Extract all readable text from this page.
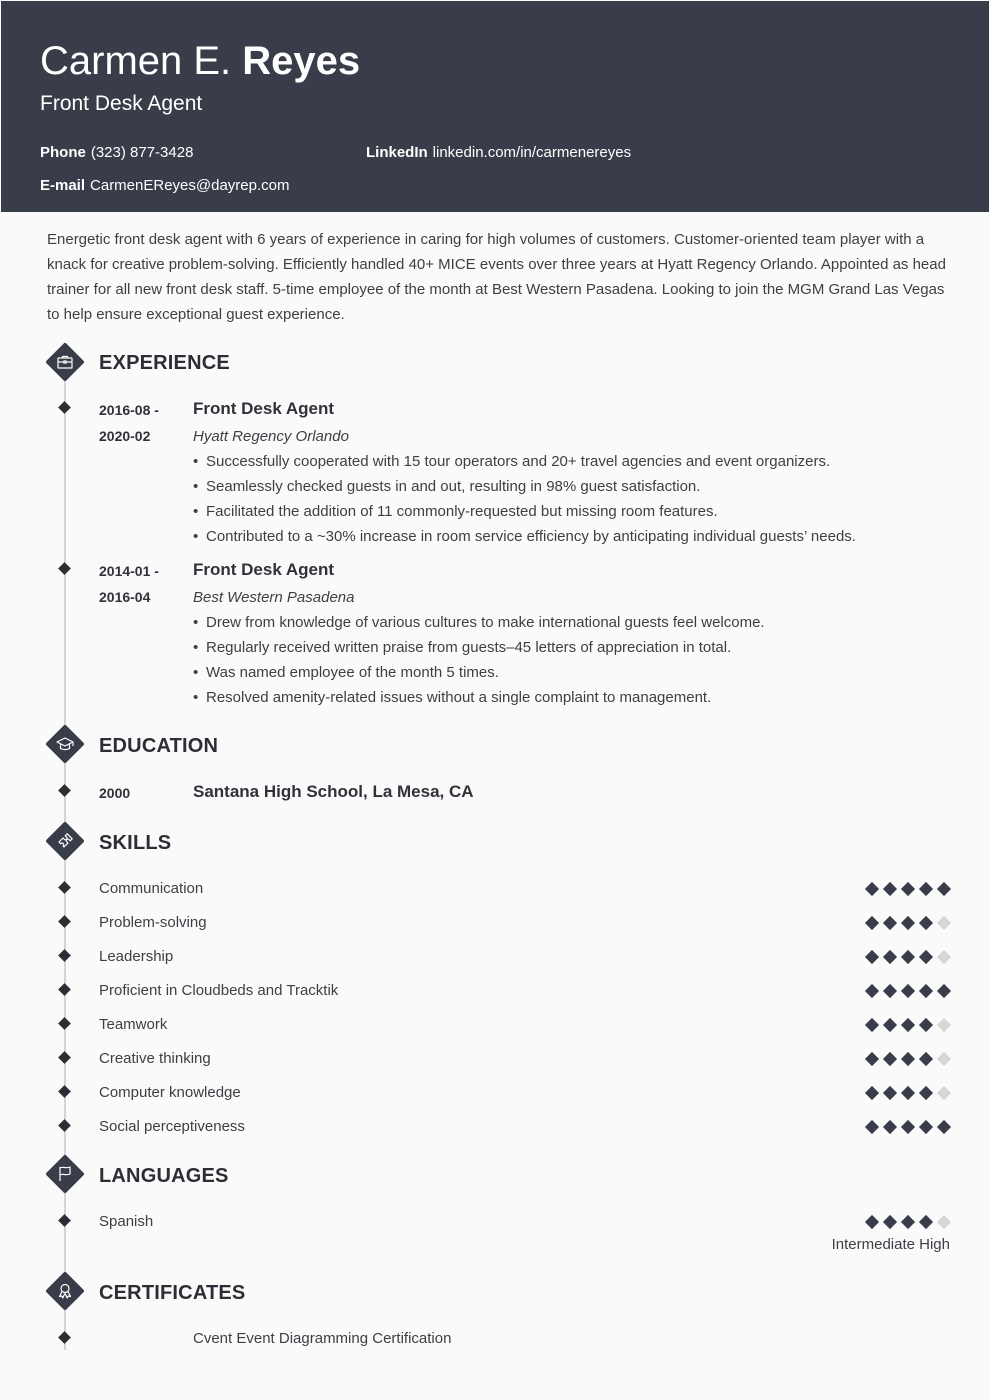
Carmen E. Reyes
Front Desk Agent
Phone (323) 877-3428	LinkedIn linkedin.com/in/carmenereyes
E-mail CarmenEReyes@dayrep.com
Energetic front desk agent with 6 years of experience in caring for high volumes of customers. Customer-oriented team player with a knack for creative problem-solving. Efficiently handled 40+ MICE events over three years at Hyatt Regency Orlando. Appointed as head trainer for all new front desk staff. 5-time employee of the month at Best Western Pasadena. Looking to join the MGM Grand Las Vegas to help ensure exceptional guest experience.
EXPERIENCE
2016-08 -
2020-02
Front Desk Agent
Hyatt Regency Orlando
• Successfully cooperated with 15 tour operators and 20+ travel agencies and event organizers.
• Seamlessly checked guests in and out, resulting in 98% guest satisfaction.
• Facilitated the addition of 11 commonly-requested but missing room features.
• Contributed to a ~30% increase in room service efficiency by anticipating individual guests’ needs.
2014-01 -
2016-04
Front Desk Agent
Best Western Pasadena
• Drew from knowledge of various cultures to make international guests feel welcome.
• Regularly received written praise from guests–45 letters of appreciation in total.
• Was named employee of the month 5 times.
• Resolved amenity-related issues without a single complaint to management.
EDUCATION
2000	Santana High School, La Mesa, CA
SKILLS
Communication
Problem-solving
Leadership
Proficient in Cloudbeds and Tracktik
Teamwork
Creative thinking
Computer knowledge
Social perceptiveness
LANGUAGES
Spanish
Intermediate High
CERTIFICATES
Cvent Event Diagramming Certification
